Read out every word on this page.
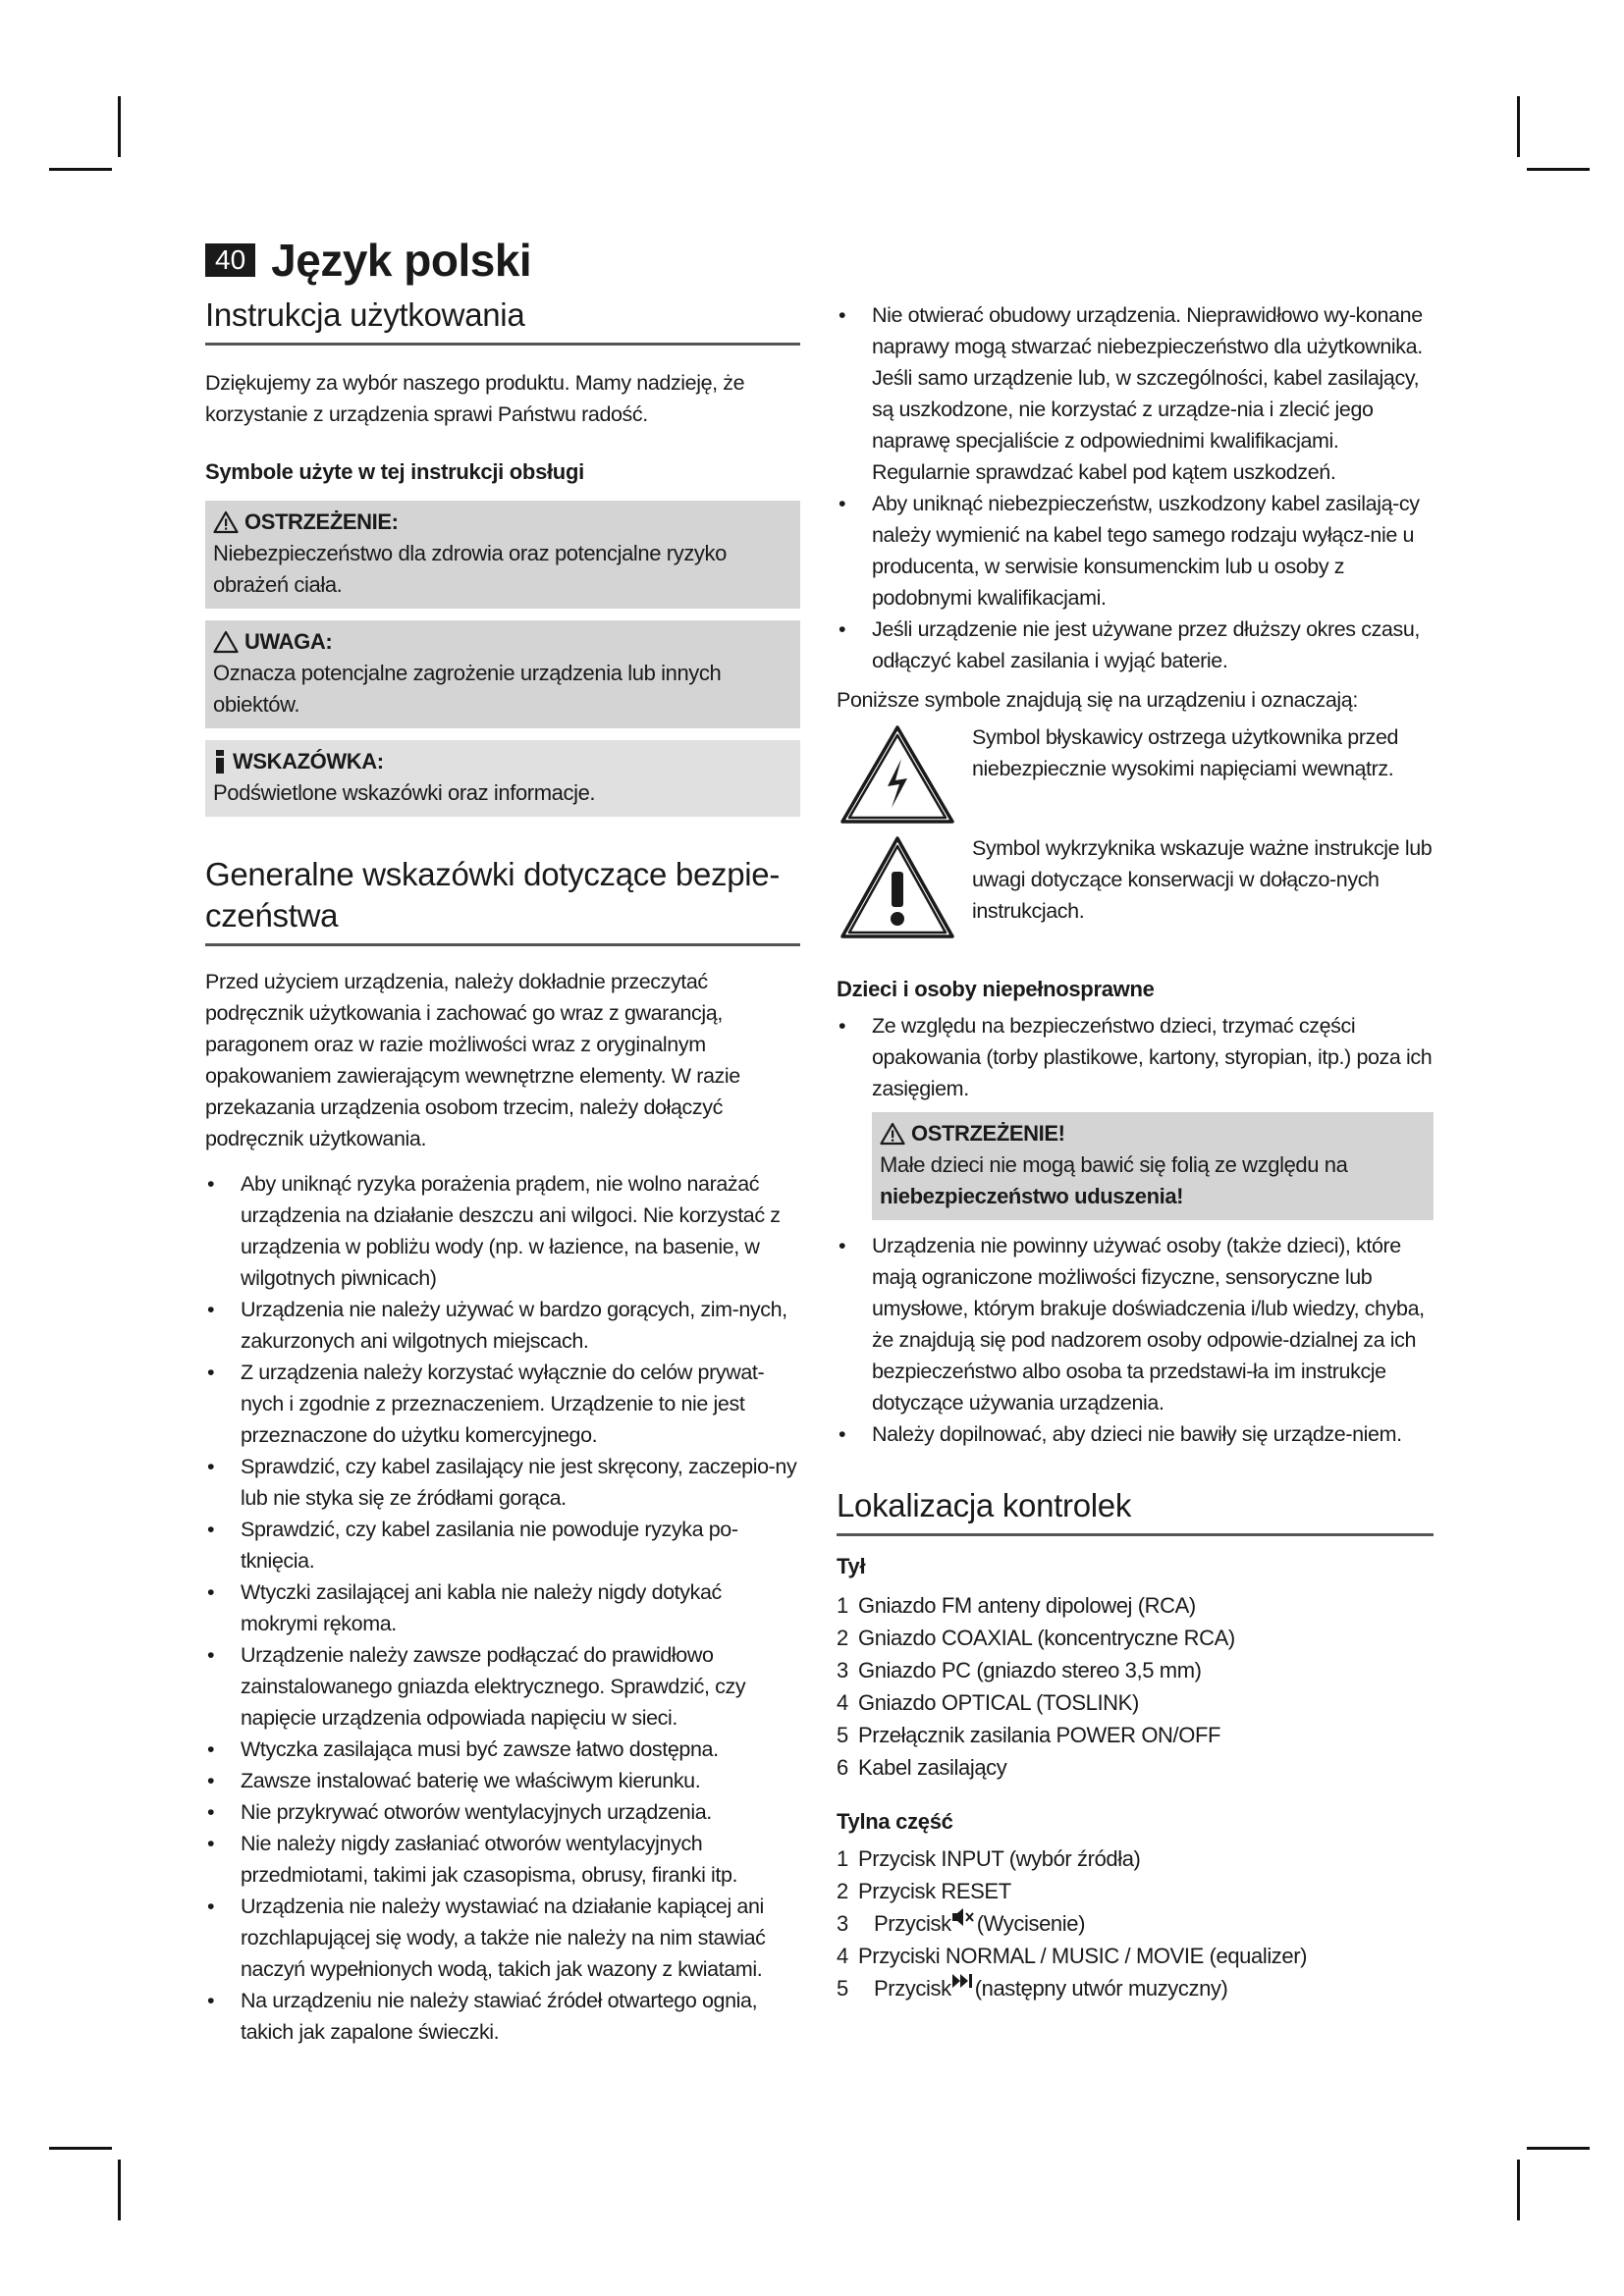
40 Język polski
Instrukcja użytkowania

Dziękujemy za wybór naszego produktu. Mamy nadzieję, że korzystanie z urządzenia sprawi Państwu radość.

Symbole użyte w tej instrukcji obsługi
OSTRZEŻENIE:
Niebezpieczeństwo dla zdrowia oraz potencjalne ryzyko obrażeń ciała.
UWAGA:
Oznacza potencjalne zagrożenie urządzenia lub innych obiektów.
WSKAZÓWKA:
Podświetlone wskazówki oraz informacje.
Generalne wskazówki dotyczące bezpie-czeństwa

Przed użyciem urządzenia, należy dokładnie przeczytać podręcznik użytkowania i zachować go wraz z gwarancją, paragonem oraz w razie możliwości wraz z oryginalnym opakowaniem zawierającym wewnętrzne elementy. W razie przekazania urządzenia osobom trzecim, należy dołączyć podręcznik użytkowania.

• Aby uniknąć ryzyka porażenia prądem, nie wolno narażać urządzenia na działanie deszczu ani wilgoci. Nie korzystać z urządzenia w pobliżu wody (np. w łazience, na basenie, w wilgotnych piwnicach)
• Urządzenia nie należy używać w bardzo gorących, zim-nych, zakurzonych ani wilgotnych miejscach.
• Z urządzenia należy korzystać wyłącznie do celów prywat-nych i zgodnie z przeznaczeniem. Urządzenie to nie jest przeznaczone do użytku komercyjnego.
• Sprawdzić, czy kabel zasilający nie jest skręcony, zaczepio-ny lub nie styka się ze źródłami gorąca.
• Sprawdzić, czy kabel zasilania nie powoduje ryzyka po-tknięcia.
• Wtyczki zasilającej ani kabla nie należy nigdy dotykać mokrymi rękoma.
• Urządzenie należy zawsze podłączać do prawidłowo zainstalowanego gniazda elektrycznego. Sprawdzić, czy napięcie urządzenia odpowiada napięciu w sieci.
• Wtyczka zasilająca musi być zawsze łatwo dostępna.
• Zawsze instalować baterię we właściwym kierunku.
• Nie przykrywać otworów wentylacyjnych urządzenia.
• Nie należy nigdy zasłaniać otworów wentylacyjnych przedmiotami, takimi jak czasopisma, obrusy, firanki itp.
• Urządzenia nie należy wystawiać na działanie kapiącej ani rozchlapującej się wody, a także nie należy na nim stawiać naczyń wypełnionych wodą, takich jak wazony z kwiatami.
• Na urządzeniu nie należy stawiać źródeł otwartego ognia, takich jak zapalone świeczki.
• Nie otwierać obudowy urządzenia. Nieprawidłowo wy-konane naprawy mogą stwarzać niebezpieczeństwo dla użytkownika. Jeśli samo urządzenie lub, w szczególności, kabel zasilający, są uszkodzone, nie korzystać z urządze-nia i zlecić jego naprawę specjaliście z odpowiednimi kwalifikacjami. Regularnie sprawdzać kabel pod kątem uszkodzeń.
• Aby uniknąć niebezpieczeństw, uszkodzony kabel zasilają-cy należy wymienić na kabel tego samego rodzaju wyłącz-nie u producenta, w serwisie konsumenckim lub u osoby z podobnymi kwalifikacjami.
• Jeśli urządzenie nie jest używane przez dłuższy okres czasu, odłączyć kabel zasilania i wyjąć baterie.

Poniższe symbole znajdują się na urządzeniu i oznaczają:

Symbol błyskawicy ostrzega użytkownika przed niebezpiecznie wysokimi napięciami wewnątrz.

Symbol wykrzyknika wskazuje ważne instrukcje lub uwagi dotyczące konserwacji w dołączo-nych instrukcjach.

Dzieci i osoby niepełnosprawne
• Ze względu na bezpieczeństwo dzieci, trzymać części opakowania (torby plastikowe, kartony, styropian, itp.) poza ich zasięgiem.
OSTRZEŻENIE!
Małe dzieci nie mogą bawić się folią ze względu na
niebezpieczeństwo uduszenia!
• Urządzenia nie powinny używać osoby (także dzieci), które mają ograniczone możliwości fizyczne, sensoryczne lub umysłowe, którym brakuje doświadczenia i/lub wiedzy, chyba, że znajdują się pod nadzorem osoby odpowie-dzialnej za ich bezpieczeństwo albo osoba ta przedstawi-ła im instrukcje dotyczące używania urządzenia.
• Należy dopilnować, aby dzieci nie bawiły się urządze-niem.
Lokalizacja kontrolek
Tył
1 Gniazdo FM anteny dipolowej (RCA)
2 Gniazdo COAXIAL (koncentryczne RCA)
3 Gniazdo PC (gniazdo stereo 3,5 mm)
4 Gniazdo OPTICAL (TOSLINK)
5 Przełącznik zasilania POWER ON/OFF
6 Kabel zasilający
Tylna część
1 Przycisk INPUT (wybór źródła)
2 Przycisk RESET
3	Przycisk (Wycisenie)
4 Przyciski NORMAL / MUSIC / MOVIE (equalizer)
5	Przycisk (następny utwór muzyczny)
